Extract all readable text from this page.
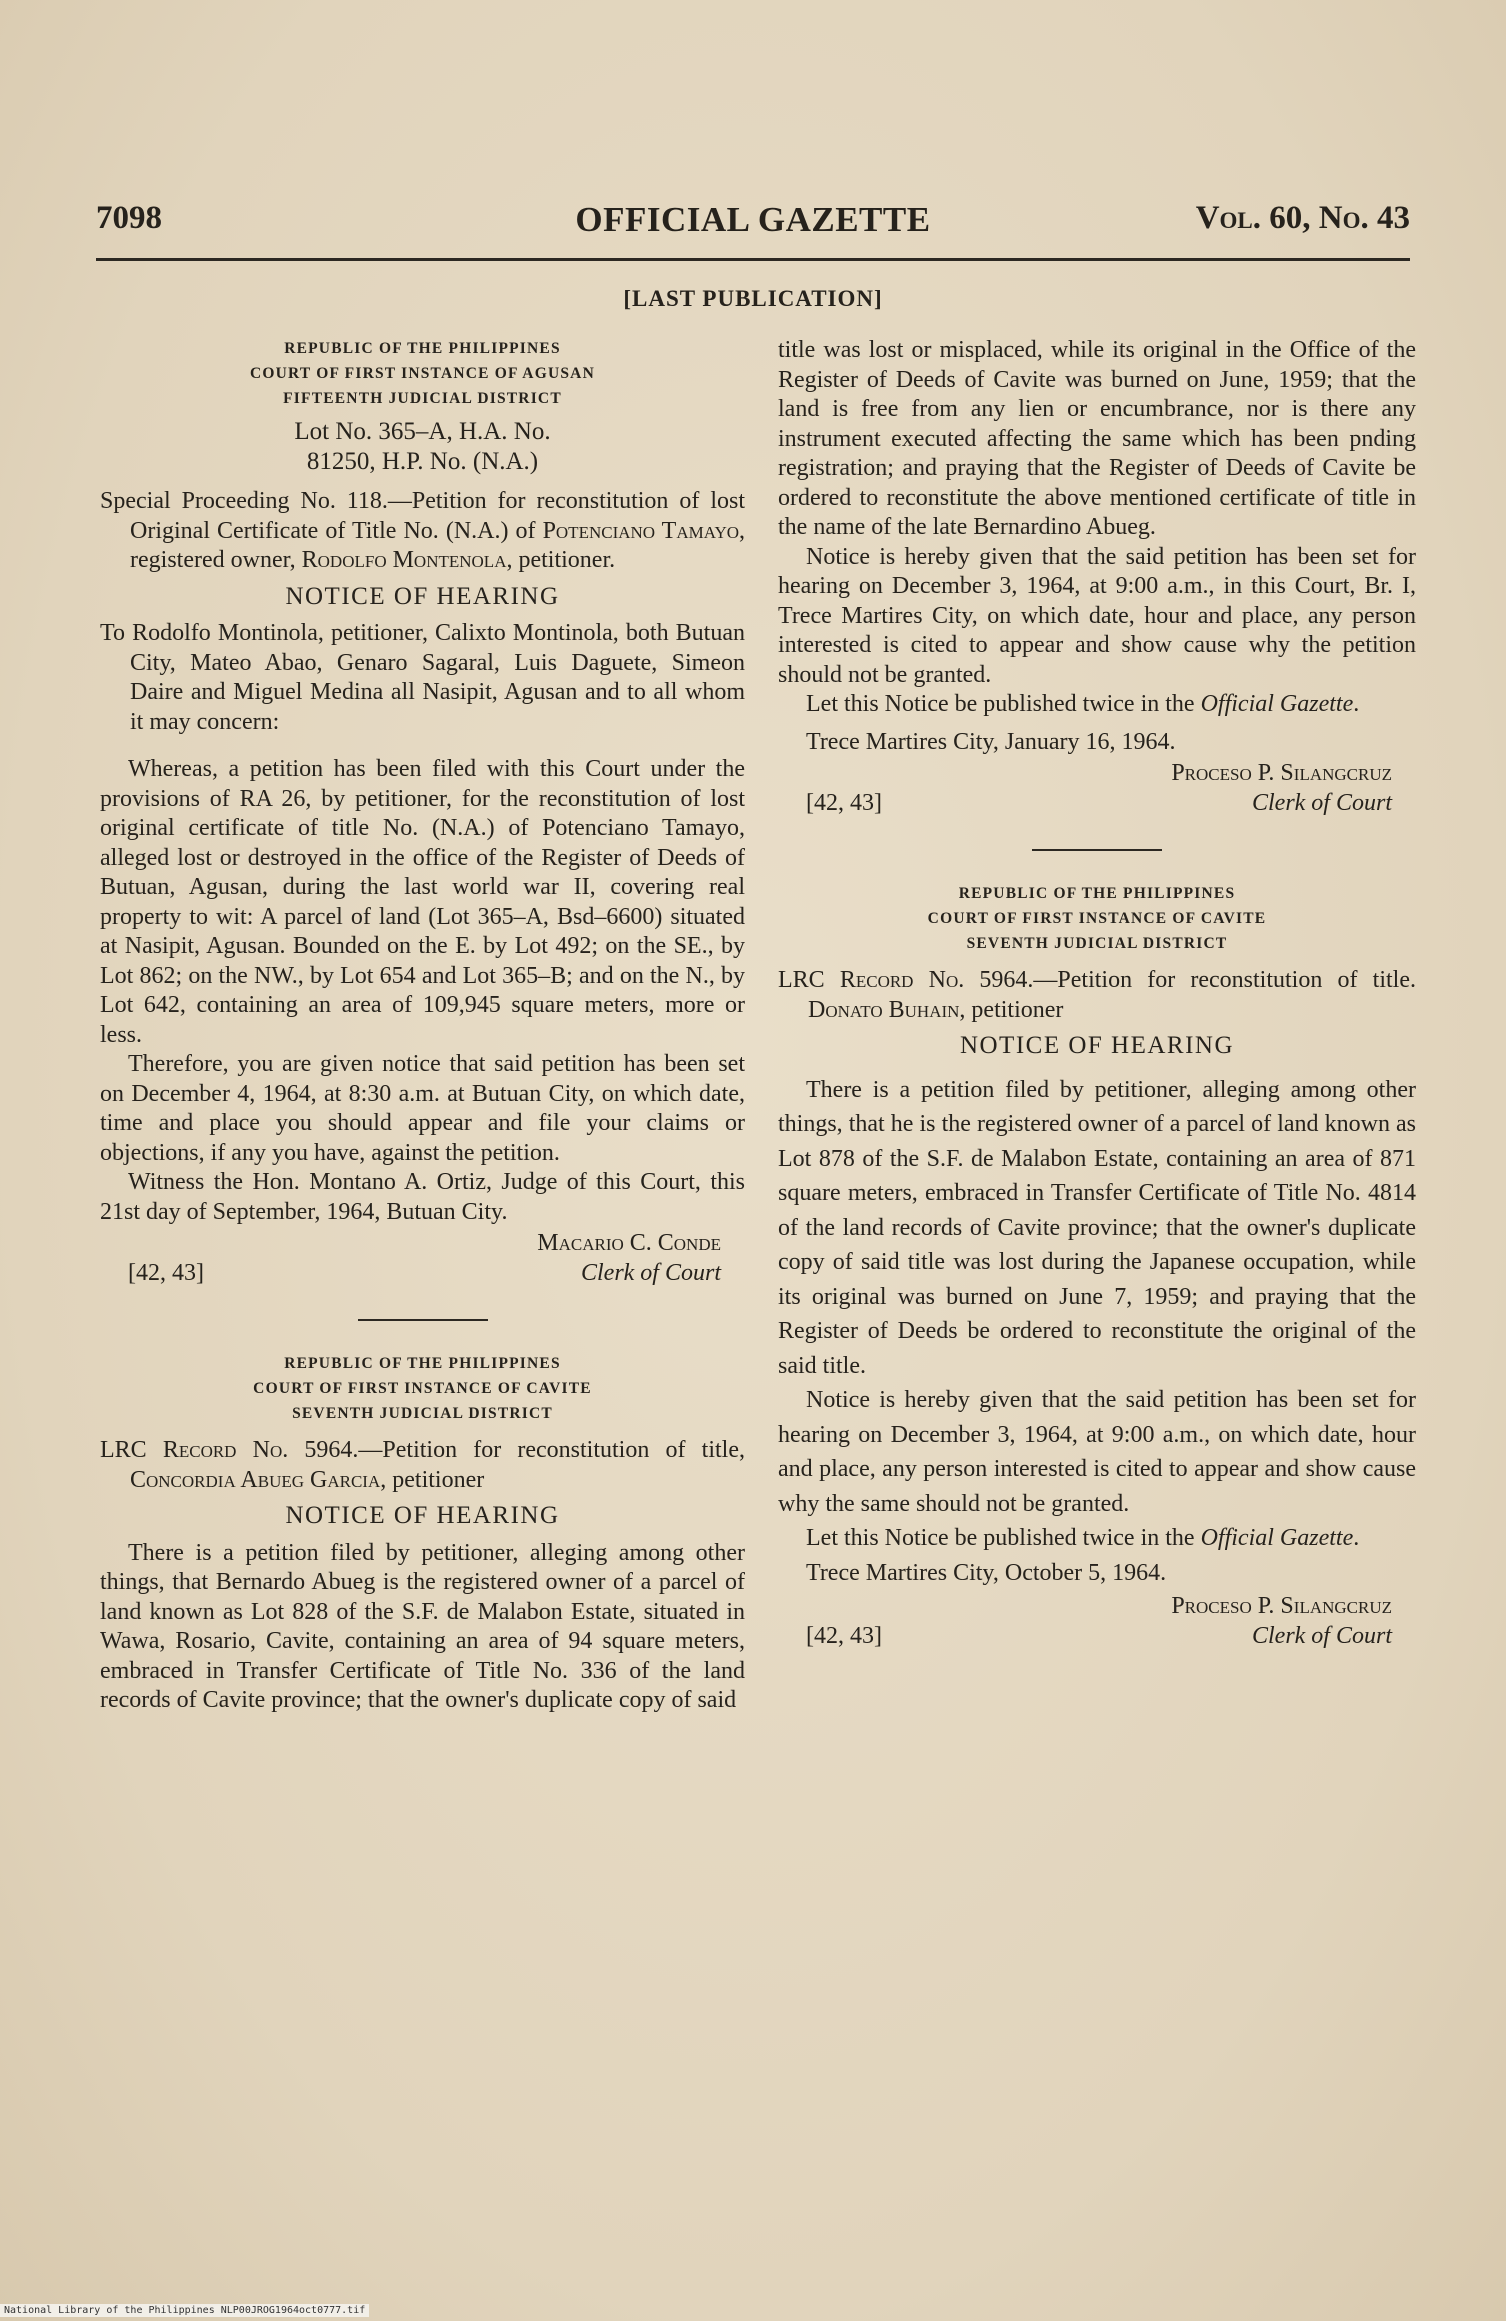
7098	OFFICIAL GAZETTE	Vol. 60, No. 43
[LAST PUBLICATION]
REPUBLIC OF THE PHILIPPINES
COURT OF FIRST INSTANCE OF AGUSAN
FIFTEENTH JUDICIAL DISTRICT
Lot No. 365–A, H.A. No.
81250, H.P. No. (N.A.)

Special Proceeding No. 118.—Petition for reconstitution of lost Original Certificate of Title No. (N.A.) of Potenciano Tamayo, registered owner, Rodolfo Montenola, petitioner.

NOTICE OF HEARING

To Rodolfo Montinola, petitioner, Calixto Montinola, both Butuan City, Mateo Abao, Genaro Sagaral, Luis Daguete, Simeon Daire and Miguel Medina all Nasipit, Agusan and to all whom it may concern:

Whereas, a petition has been filed with this Court under the provisions of RA 26, by petitioner, for the reconstitution of lost original certificate of title No. (N.A.) of Potenciano Tamayo, alleged lost or destroyed in the office of the Register of Deeds of Butuan, Agusan, during the last world war II, covering real property to wit: A parcel of land (Lot 365–A, Bsd–6600) situated at Nasipit, Agusan. Bounded on the E. by Lot 492; on the SE., by Lot 862; on the NW., by Lot 654 and Lot 365–B; and on the N., by Lot 642, containing an area of 109,945 square meters, more or less.

Therefore, you are given notice that said petition has been set on December 4, 1964, at 8:30 a.m. at Butuan City, on which date, time and place you should appear and file your claims or objections, if any you have, against the petition.

Witness the Hon. Montano A. Ortiz, Judge of this Court, this 21st day of September, 1964, Butuan City.

Macario C. Conde
[42, 43]	Clerk of Court
REPUBLIC OF THE PHILIPPINES
COURT OF FIRST INSTANCE OF CAVITE
SEVENTH JUDICIAL DISTRICT

LRC Record No. 5964.—Petition for reconstitution of title, Concordia Abueg Garcia, petitioner

NOTICE OF HEARING

There is a petition filed by petitioner, alleging among other things, that Bernardo Abueg is the registered owner of a parcel of land known as Lot 828 of the S.F. de Malabon Estate, situated in Wawa, Rosario, Cavite, containing an area of 94 square meters, embraced in Transfer Certificate of Title No. 336 of the land records of Cavite province; that the owner's duplicate copy of said

title was lost or misplaced, while its original in the Office of the Register of Deeds of Cavite was burned on June, 1959; that the land is free from any lien or encumbrance, nor is there any instrument executed affecting the same which has been pnding registration; and praying that the Register of Deeds of Cavite be ordered to reconstitute the above mentioned certificate of title in the name of the late Bernardino Abueg.

Notice is hereby given that the said petition has been set for hearing on December 3, 1964, at 9:00 a.m., in this Court, Br. I, Trece Martires City, on which date, hour and place, any person interested is cited to appear and show cause why the petition should not be granted.

Let this Notice be published twice in the Official Gazette.

Trece Martires City, January 16, 1964.

Proceso P. Silangcruz
[42, 43]	Clerk of Court
REPUBLIC OF THE PHILIPPINES
COURT OF FIRST INSTANCE OF CAVITE
SEVENTH JUDICIAL DISTRICT

LRC Record No. 5964.—Petition for reconstitution of title. Donato Buhain, petitioner

NOTICE OF HEARING

There is a petition filed by petitioner, alleging among other things, that he is the registered owner of a parcel of land known as Lot 878 of the S.F. de Malabon Estate, containing an area of 871 square meters, embraced in Transfer Certificate of Title No. 4814 of the land records of Cavite province; that the owner's duplicate copy of said title was lost during the Japanese occupation, while its original was burned on June 7, 1959; and praying that the Register of Deeds be ordered to reconstitute the original of the said title.

Notice is hereby given that the said petition has been set for hearing on December 3, 1964, at 9:00 a.m., on which date, hour and place, any person interested is cited to appear and show cause why the same should not be granted.

Let this Notice be published twice in the Official Gazette.

Trece Martires City, October 5, 1964.

Proceso P. Silangcruz
[42, 43]	Clerk of Court
National Library of the Philippines NLP00JROG1964oct0777.tif
